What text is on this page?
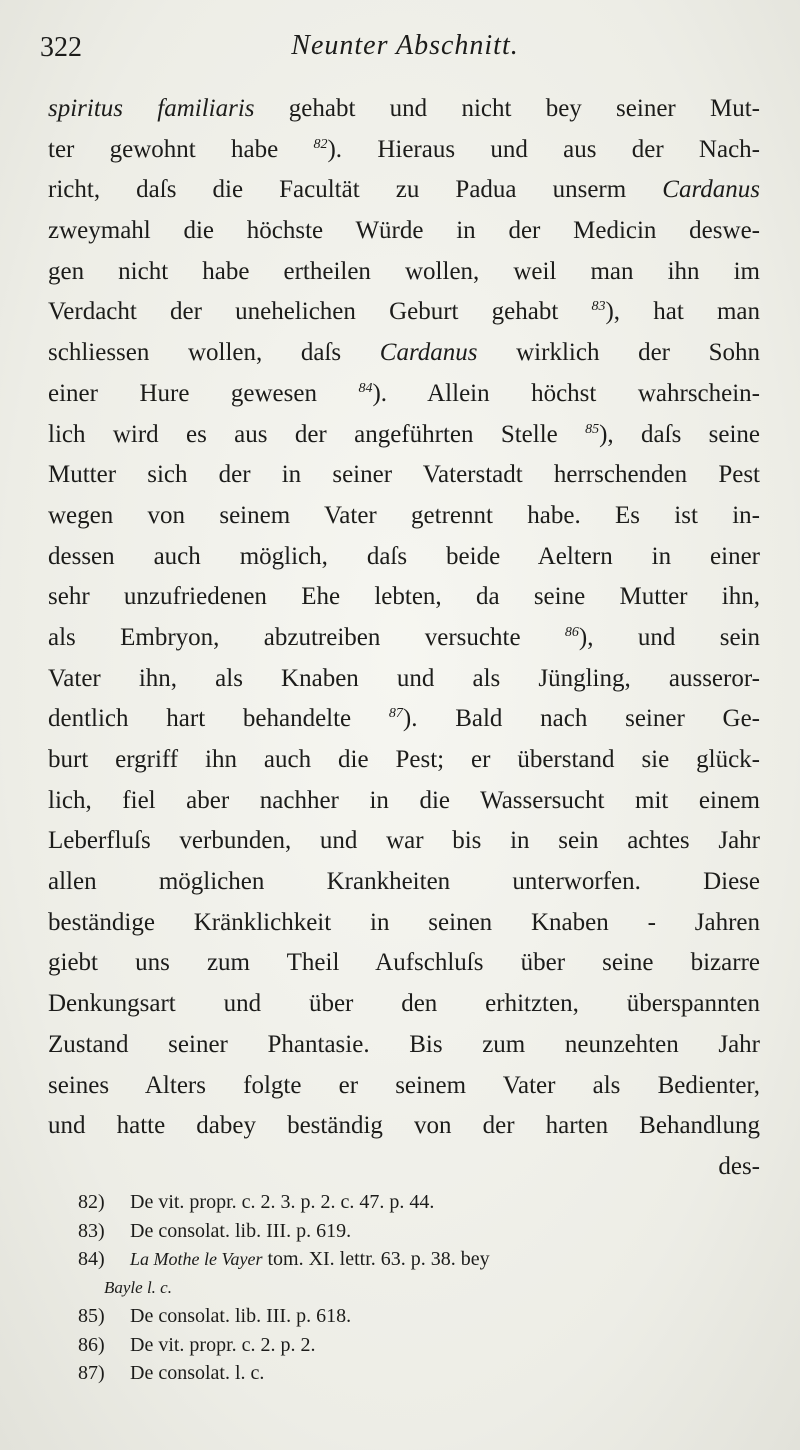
322	Neunter Abschnitt.
spiritus familiaris gehabt und nicht bey seiner Mut-
ter gewohnt habe $^{82}$). Hieraus und aus der Nach-
richt, daſs die Facultät zu Padua unserm Cardanus
zweymahl die höchste Würde in der Medicin deswe-
gen nicht habe ertheilen wollen, weil man ihn im
Verdacht der unehelichen Geburt gehabt $^{83}$), hat man
schliessen wollen, daſs Cardanus wirklich der Sohn
einer Hure gewesen $^{84}$). Allein höchst wahrschein-
lich wird es aus der angeführten Stelle $^{85}$), daſs seine
Mutter sich der in seiner Vaterstadt herrschenden Pest
wegen von seinem Vater getrennt habe. Es ist in-
dessen auch möglich, daſs beide Aeltern in einer
sehr unzufriedenen Ehe lebten, da seine Mutter ihn,
als Embryon, abzutreiben versuchte $^{86}$), und sein
Vater ihn, als Knaben und als Jüngling, ausseror-
dentlich hart behandelte $^{87}$). Bald nach seiner Ge-
burt ergriff ihn auch die Pest; er überstand sie glück-
lich, fiel aber nachher in die Wassersucht mit einem
Leberfluſs verbunden, und war bis in sein achtes Jahr
allen möglichen Krankheiten unterworfen. Diese
beständige Kränklichkeit in seinen Knaben - Jahren
giebt uns zum Theil Aufschluſs über seine bizarre
Denkungsart und über den erhitzten, überspannten
Zustand seiner Phantasie. Bis zum neunzehten Jahr
seines Alters folgte er seinem Vater als Bedienter,
und hatte dabey beständig von der harten Behandlung
des-
82) De vit. propr. c. 2. 3. p. 2. c. 47. p. 44.
83) De consolat. lib. III. p. 619.
84) La Mothe le Vayer tom. XI. lettr. 63. p. 38. bey
Bayle l. c.
85) De consolat. lib. III. p. 618.
86) De vit. propr. c. 2. p. 2.
87) De consolat. l. c.
